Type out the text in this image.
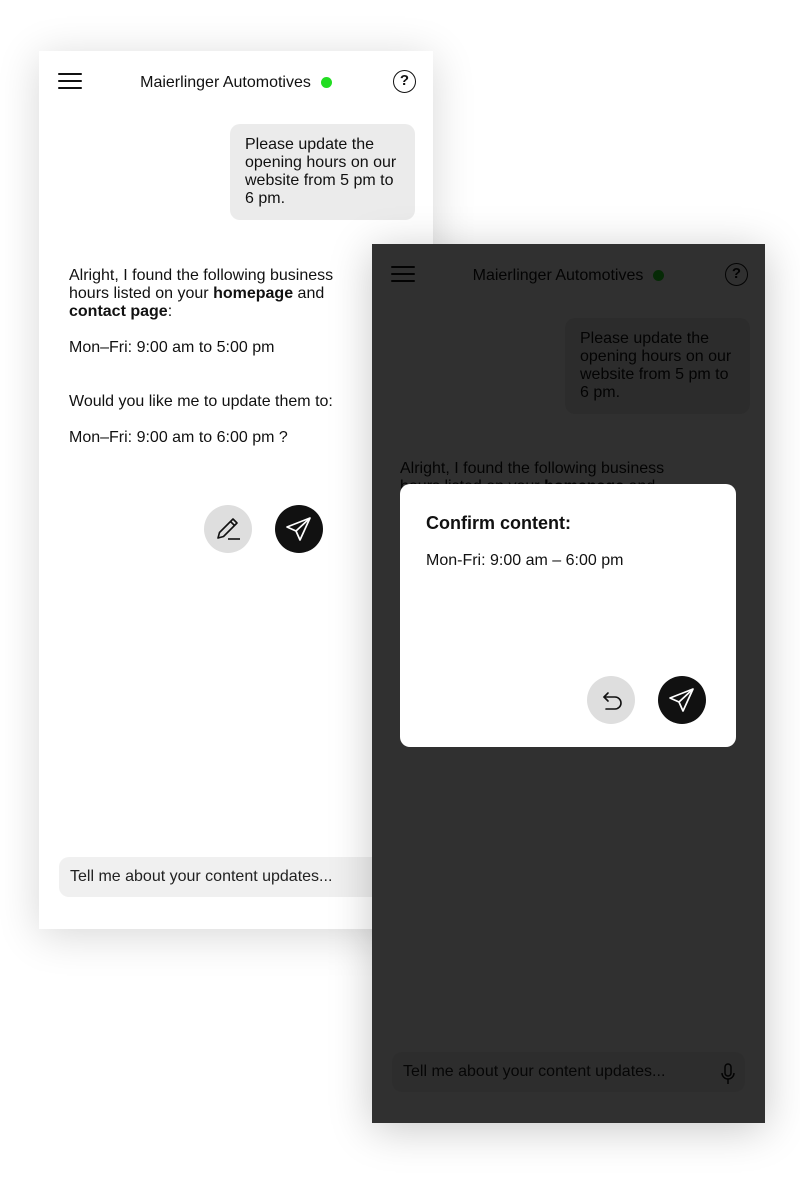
Maierlinger Automotives	?
Please update the opening hours on our website from 5 pm to 6 pm.

Alright, I found the following business hours listed on your homepage and contact page:

Mon–Fri: 9:00 am to 5:00 pm

Would you like me to update them to:

Mon–Fri: 9:00 am to 6:00 pm ?

Tell me about your content updates...

Confirm content:
Mon-Fri: 9:00 am – 6:00 pm
